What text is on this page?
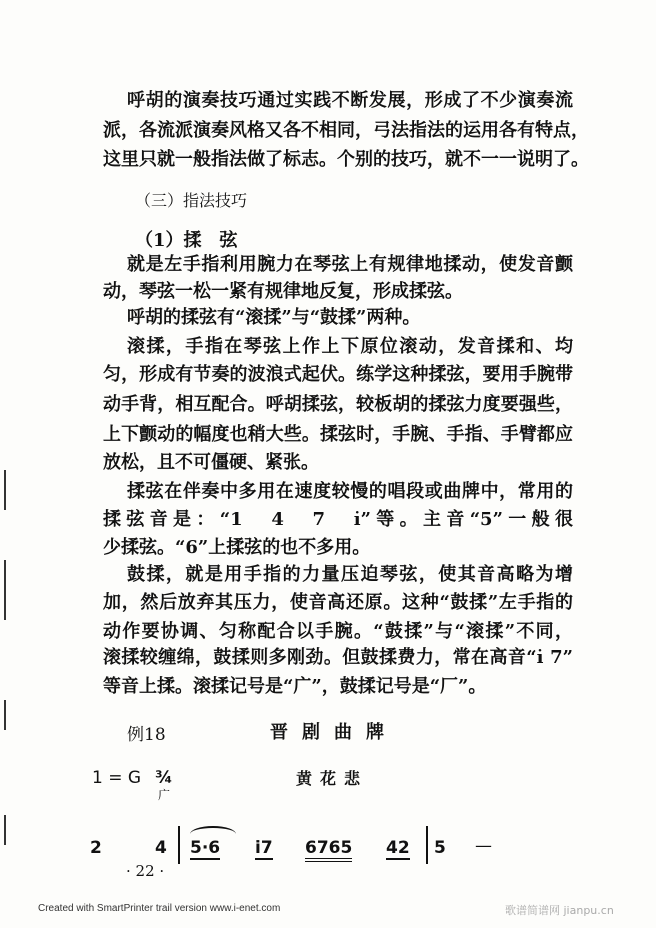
呼胡的演奏技巧通过实践不断发展，形成了不少演奏流
派，各流派演奏风格又各不相同，弓法指法的运用各有特点，
这里只就一般指法做了标志。个别的技巧，就不一一说明了。
（三）指法技巧
（1）揉　弦
就是左手指利用腕力在琴弦上有规律地揉动，使发音颤
动，琴弦一松一紧有规律地反复，形成揉弦。
呼胡的揉弦有“滚揉”与“鼓揉”两种。
滚揉，手指在琴弦上作上下原位滚动，发音揉和、均
匀，形成有节奏的波浪式起伏。练学这种揉弦，要用手腕带
动手背，相互配合。呼胡揉弦，较板胡的揉弦力度要强些，
上下颤动的幅度也稍大些。揉弦时，手腕、手指、手臂都应
放松，且不可僵硬、紧张。
揉弦在伴奏中多用在速度较慢的唱段或曲牌中，常用的
揉弦音是：“1　4　7　i̇”等。主音“5”一般很
少揉弦。“6”上揉弦的也不多用。
鼓揉，就是用手指的力量压迫琴弦，使其音高略为增
加，然后放弃其压力，使音高还原。这种“鼓揉”左手指的
动作要协调、匀称配合以手腕。“鼓揉”与“滚揉”不同，
滚揉较缠绵，鼓揉则多刚劲。但鼓揉费力，常在高音“i̇ 7”
等音上揉。滚揉记号是“广”，鼓揉记号是“厂”。
例18	晋剧曲牌
1 = G ¾	黄花悲
广
2	4 5·6 i̇7 6765 42 5 —
· 22 ·
Created with SmartPrinter trail version www.i-enet.com	歌谱简谱网 jianpu.cn
